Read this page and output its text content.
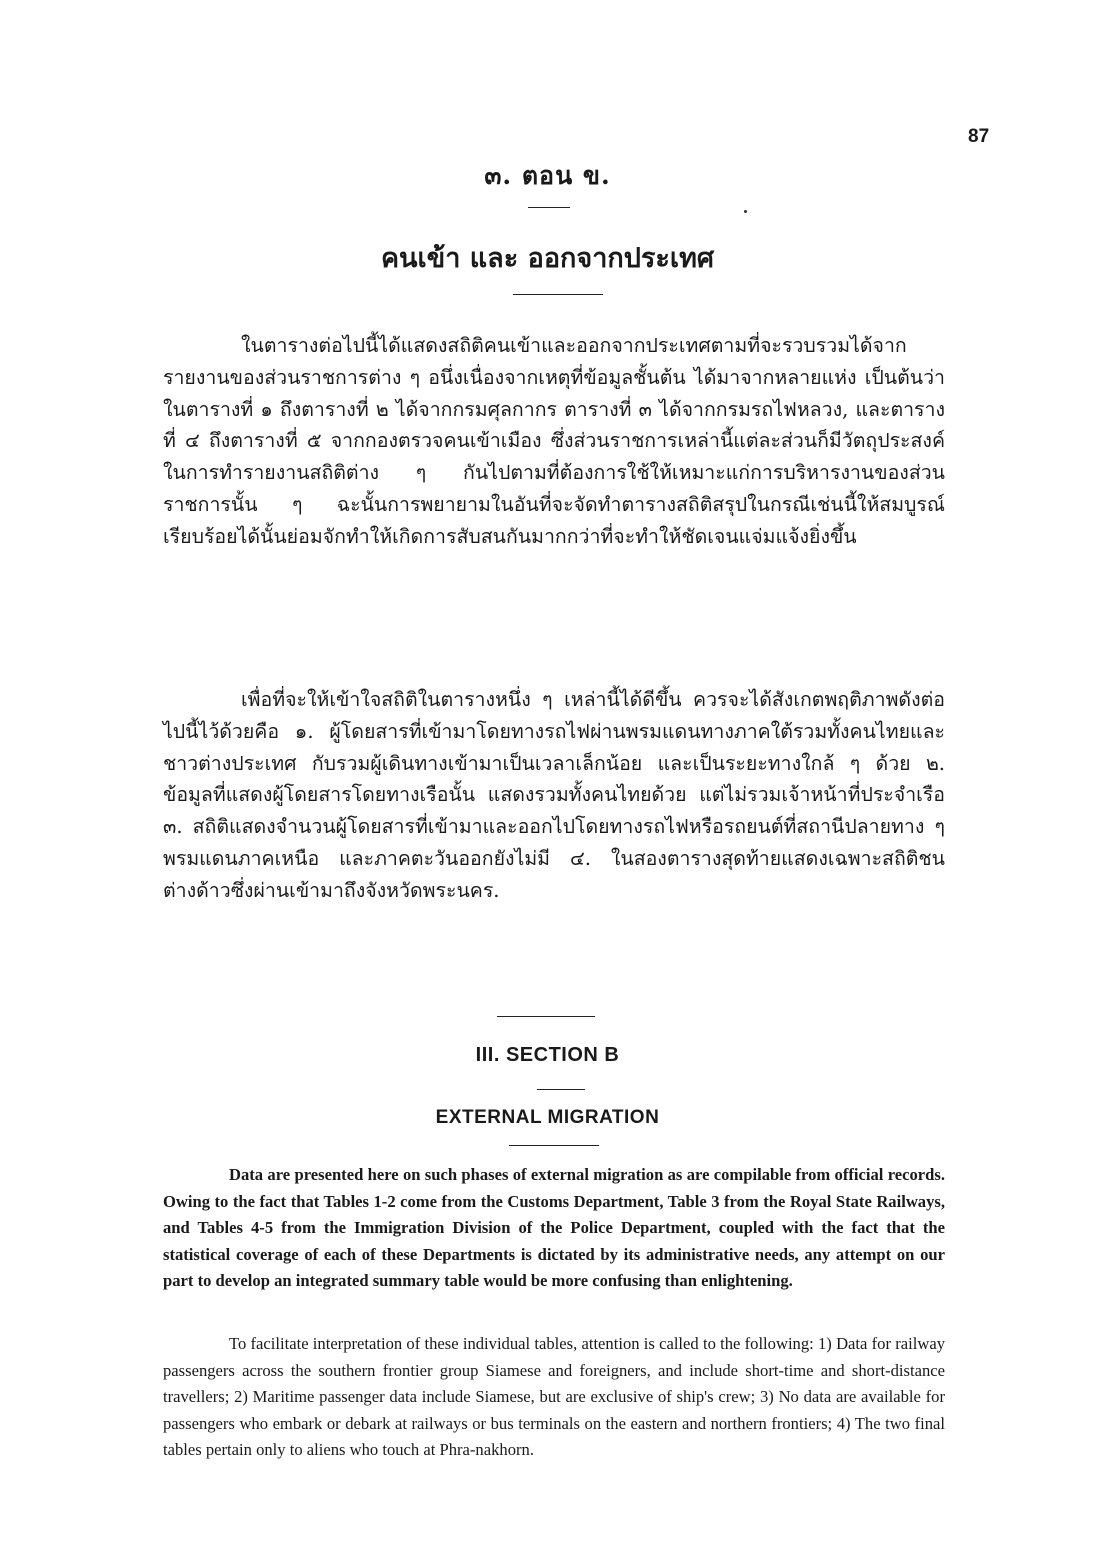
87
๓. ตอน ข.
คนเข้า และ ออกจากประเทศ

ในตารางต่อไปนี้ได้แสดงสถิติคนเข้าและออกจากประเทศตามที่จะรวบรวมได้จากรายงานของส่วนราชการต่าง ๆ อนึ่งเนื่องจากเหตุที่ข้อมูลชั้นต้น ได้มาจากหลายแห่ง เป็นต้นว่า ในตารางที่ ๑ ถึงตารางที่ ๒ ได้จากกรมศุลกากร ตารางที่ ๓ ได้จากกรมรถไฟหลวง, และตารางที่ ๔ ถึงตารางที่ ๕ จากกองตรวจคนเข้าเมือง ซึ่งส่วนราชการเหล่านี้แต่ละส่วนก็มีวัตถุประสงค์ในการทำรายงานสถิติต่าง ๆ กันไปตามที่ต้องการใช้ให้เหมาะแก่การบริหารงานของส่วนราชการนั้น ๆ ฉะนั้นการพยายามในอันที่จะจัดทำตารางสถิติสรุปในกรณีเช่นนี้ให้สมบูรณ์เรียบร้อยได้นั้นย่อมจักทำให้เกิดการสับสนกันมากกว่าที่จะทำให้ชัดเจนแจ่มแจ้งยิ่งขึ้น

เพื่อที่จะให้เข้าใจสถิติในตารางหนึ่ง ๆ เหล่านี้ได้ดีขึ้น ควรจะได้สังเกตพฤติภาพดังต่อไปนี้ไว้ด้วยคือ ๑. ผู้โดยสารที่เข้ามาโดยทางรถไฟผ่านพรมแดนทางภาคใต้รวมทั้งคนไทยและชาวต่างประเทศ กับรวมผู้เดินทางเข้ามาเป็นเวลาเล็กน้อย และเป็นระยะทางใกล้ ๆ ด้วย ๒. ข้อมูลที่แสดงผู้โดยสารโดยทางเรือนั้น แสดงรวมทั้งคนไทยด้วย แต่ไม่รวมเจ้าหน้าที่ประจำเรือ ๓. สถิติแสดงจำนวนผู้โดยสารที่เข้ามาและออกไปโดยทางรถไฟหรือรถยนต์ที่สถานีปลายทาง ๆ พรมแดนภาคเหนือ และภาคตะวันออกยังไม่มี ๔. ในสองตารางสุดท้ายแสดงเฉพาะสถิติชนต่างด้าวซึ่งผ่านเข้ามาถึงจังหวัดพระนคร.

III. SECTION B
EXTERNAL MIGRATION

Data are presented here on such phases of external migration as are compilable from official records. Owing to the fact that Tables 1-2 come from the Customs Department, Table 3 from the Royal State Railways, and Tables 4-5 from the Immigration Division of the Police Department, coupled with the fact that the statistical coverage of each of these Departments is dictated by its administrative needs, any attempt on our part to develop an integrated summary table would be more confusing than enlightening.

To facilitate interpretation of these individual tables, attention is called to the following: 1) Data for railway passengers across the southern frontier group Siamese and foreigners, and include short-time and short-distance travellers; 2) Maritime passenger data include Siamese, but are exclusive of ship's crew; 3) No data are available for passengers who embark or debark at railways or bus terminals on the eastern and northern frontiers; 4) The two final tables pertain only to aliens who touch at Phra-nakhorn.
